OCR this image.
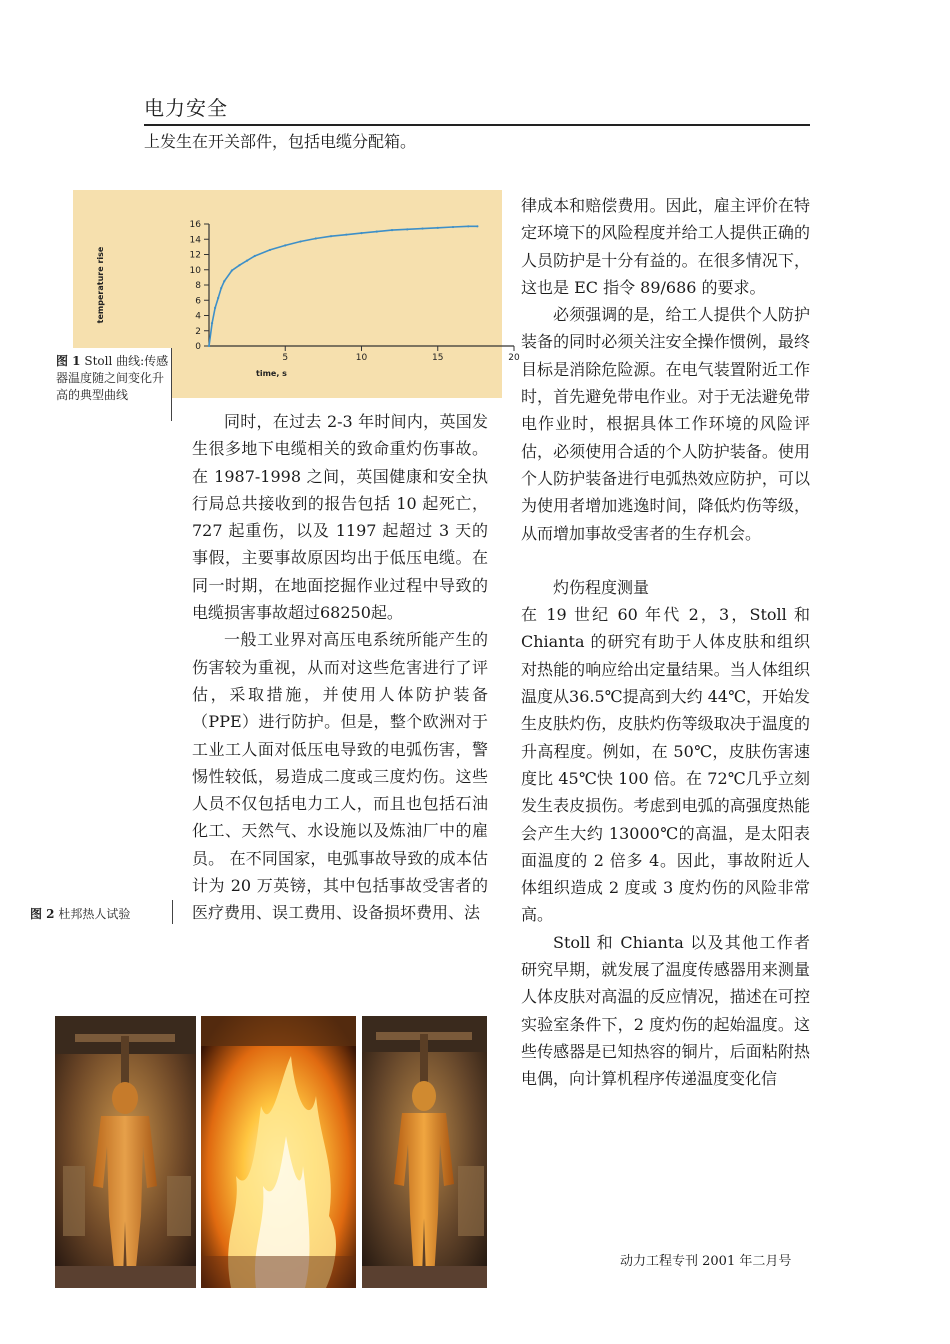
电力安全
上发生在开关部件，包括电缆分配箱。
0
2
4
6
8
10
12
14
16
5	10	15	20
time, s
temperature rise
图 1 Stoll 曲线:传感器温度随之间变化升高的典型曲线
图 2 杜邦热人试验

同时，在过去 2-3 年时间内，英国发生很多地下电缆相关的致命重灼伤事故。在 1987-1998 之间，英国健康和安全执行局总共接收到的报告包括 10 起死亡，727 起重伤，以及 1197 起超过 3 天的事假，主要事故原因均出于低压电缆。在同一时期，在地面挖掘作业过程中导致的电缆损害事故超过68250起。

一般工业界对高压电系统所能产生的伤害较为重视，从而对这些危害进行了评估，采取措施，并使用人体防护装备（PPE）进行防护。但是，整个欧洲对于工业工人面对低压电导致的电弧伤害，警惕性较低，易造成二度或三度灼伤。这些人员不仅包括电力工人，而且也包括石油化工、天然气、水设施以及炼油厂中的雇员。 在不同国家，电弧事故导致的成本估计为 20 万英镑，其中包括事故受害者的医疗费用、误工费用、设备损坏费用、法

律成本和赔偿费用。因此，雇主评价在特定环境下的风险程度并给工人提供正确的人员防护是十分有益的。在很多情况下，这也是 EC 指令 89/686 的要求。

必须强调的是，给工人提供个人防护装备的同时必须关注安全操作惯例，最终目标是消除危险源。在电气装置附近工作时，首先避免带电作业。对于无法避免带电作业时，根据具体工作环境的风险评估，必须使用合适的个人防护装备。使用个人防护装备进行电弧热效应防护，可以为使用者增加逃逸时间，降低灼伤等级，从而增加事故受害者的生存机会。

灼伤程度测量

在 19 世纪 60 年代 2，3，Stoll 和 Chianta 的研究有助于人体皮肤和组织对热能的响应给出定量结果。当人体组织温度从36.5℃提高到大约 44℃，开始发生皮肤灼伤，皮肤灼伤等级取决于温度的升高程度。例如，在 50℃，皮肤伤害速度比 45℃快 100 倍。在 72℃几乎立刻发生表皮损伤。考虑到电弧的高强度热能会产生大约 13000℃的高温，是太阳表面温度的 2 倍多 4。因此，事故附近人体组织造成 2 度或 3 度灼伤的风险非常高。

Stoll 和 Chianta 以及其他工作者研究早期，就发展了温度传感器用来测量人体皮肤对高温的反应情况，描述在可控实验室条件下，2 度灼伤的起始温度。这些传感器是已知热容的铜片，后面粘附热电偶，向计算机程序传递温度变化信

动力工程专刊 2001 年二月号
